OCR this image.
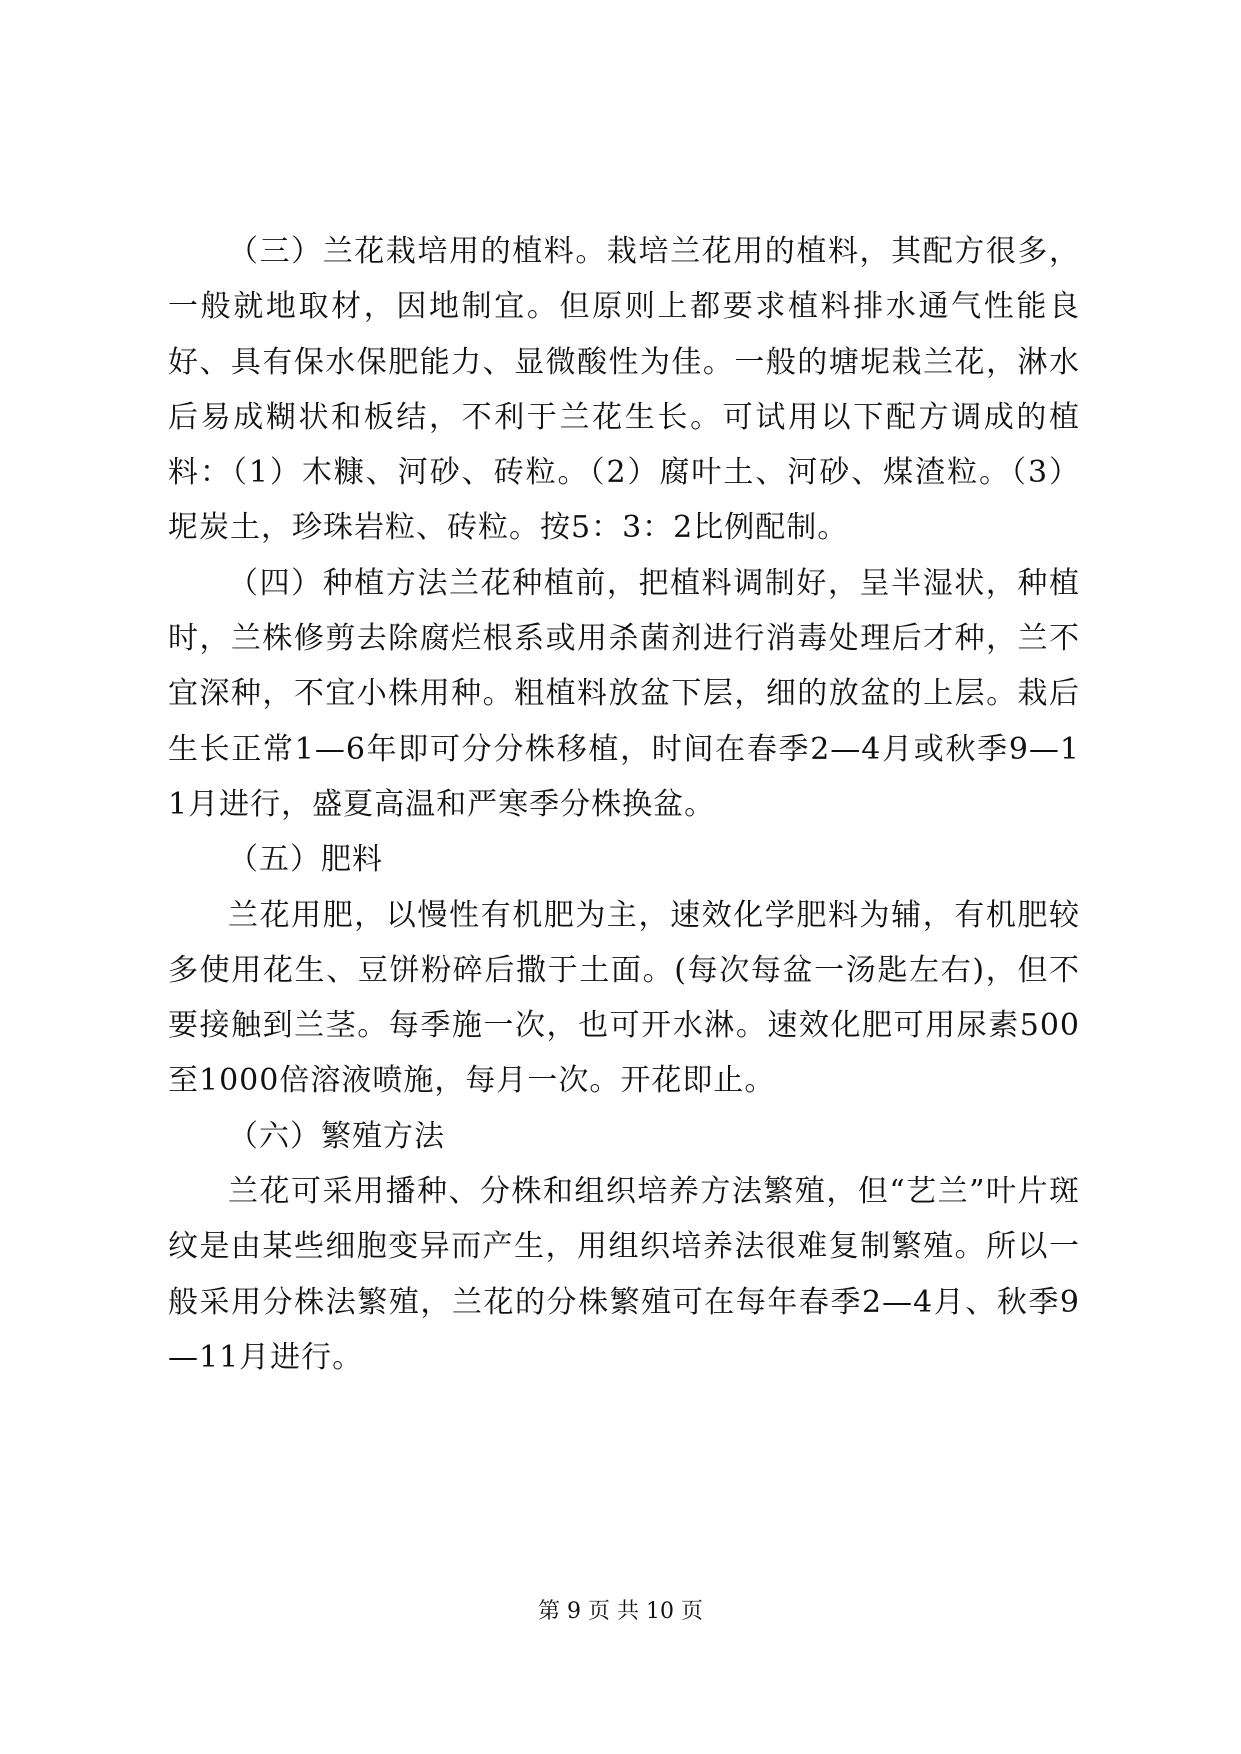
（三）兰花栽培用的植料。栽培兰花用的植料，其配方很多，一般就地取材，因地制宜。但原则上都要求植料排水通气性能良好、具有保水保肥能力、显微酸性为佳。一般的塘坭栽兰花，淋水后易成糊状和板结，不利于兰花生长。可试用以下配方调成的植料：（1）木糠、河砂、砖粒。（2）腐叶土、河砂、煤渣粒。（3）坭炭土，珍珠岩粒、砖粒。按5：3：2比例配制。

（四）种植方法兰花种植前，把植料调制好，呈半湿状，种植时，兰株修剪去除腐烂根系或用杀菌剂进行消毒处理后才种，兰不宜深种，不宜小株用种。粗植料放盆下层，细的放盆的上层。栽后生长正常1—6年即可分分株移植，时间在春季2—4月或秋季9—11月进行，盛夏高温和严寒季分株换盆。

（五）肥料

兰花用肥，以慢性有机肥为主，速效化学肥料为辅，有机肥较多使用花生、豆饼粉碎后撒于土面。(每次每盆一汤匙左右)，但不要接触到兰茎。每季施一次，也可开水淋。速效化肥可用尿素500至1000倍溶液喷施，每月一次。开花即止。

（六）繁殖方法

兰花可采用播种、分株和组织培养方法繁殖，但“艺兰”叶片斑纹是由某些细胞变异而产生，用组织培养法很难复制繁殖。所以一般采用分株法繁殖，兰花的分株繁殖可在每年春季2—4月、秋季9—11月进行。

第 9 页 共 10 页
